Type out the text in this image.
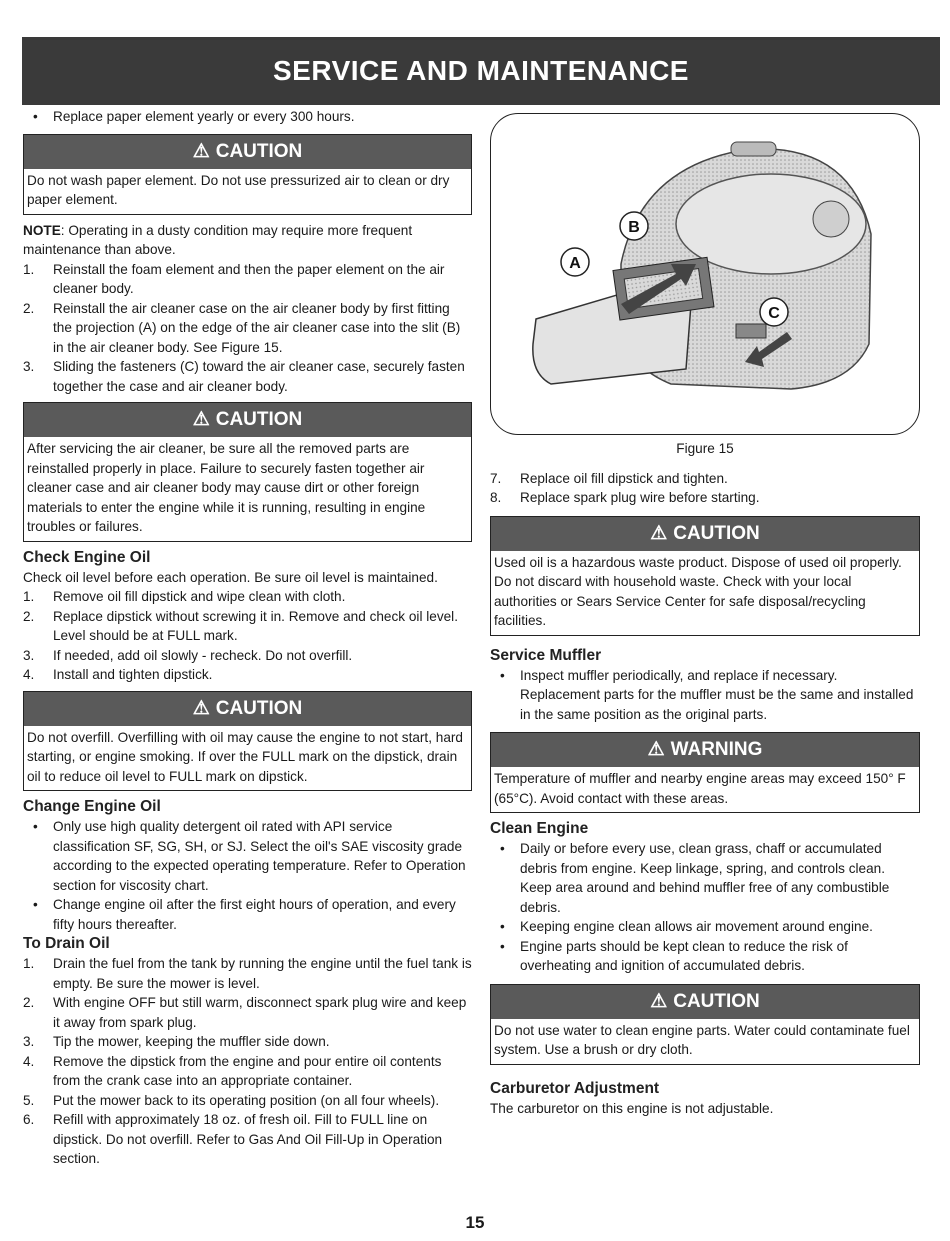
SERVICE AND MAINTENANCE
•	Replace paper element yearly or every 300 hours.
⚠ CAUTION
Do not wash paper element. Do not use pressurized air to clean or dry paper element.

NOTE: Operating in a dusty condition may require more frequent maintenance than above.

1.	Reinstall the foam element and then the paper element on the air cleaner body.
2.	Reinstall the air cleaner case on the air cleaner body by first fitting the projection (A) on the edge of the air cleaner case into the slit (B) in the air cleaner body. See Figure 15.
3.	Sliding the fasteners (C) toward the air cleaner case, securely fasten together the case and air cleaner body.
⚠ CAUTION
After servicing the air cleaner, be sure all the removed parts are reinstalled properly in place. Failure to securely fasten together air cleaner case and air cleaner body may cause dirt or other foreign materials to enter the engine while it is running, resulting in engine troubles or failures.
Check Engine Oil

Check oil level before each operation. Be sure oil level is maintained.

1.	Remove oil fill dipstick and wipe clean with cloth.
2.	Replace dipstick without screwing it in. Remove and check oil level. Level should be at FULL mark.
3.	If needed, add oil slowly - recheck. Do not overfill.
4.	Install and tighten dipstick.
⚠ CAUTION
Do not overfill. Overfilling with oil may cause the engine to not start, hard starting, or engine smoking. If over the FULL mark on the dipstick, drain oil to reduce oil level to FULL mark on dipstick.
Change Engine Oil
•	Only use high quality detergent oil rated with API service classification SF, SG, SH, or SJ. Select the oil's SAE viscosity grade according to the expected operating temperature. Refer to Operation section for viscosity chart.
•	Change engine oil after the first eight hours of operation, and every fifty hours thereafter.
To Drain Oil
1.	Drain the fuel from the tank by running the engine until the fuel tank is empty. Be sure the mower is level.
2.	With engine OFF but still warm, disconnect spark plug wire and keep it away from spark plug.
3.	Tip the mower, keeping the muffler side down.
4.	Remove the dipstick from the engine and pour entire oil contents from the crank case into an appropriate container.
5.	Put the mower back to its operating position (on all four wheels).
6.	Refill with approximately 18 oz. of fresh oil. Fill to FULL line on dipstick. Do not overfill. Refer to Gas And Oil Fill-Up in Operation section.
B
A
C
Figure 15
7.	Replace oil fill dipstick and tighten.
8.	Replace spark plug wire before starting.
⚠ CAUTION
Used oil is a hazardous waste product. Dispose of used oil properly. Do not discard with household waste. Check with your local authorities or Sears Service Center for safe disposal/recycling facilities.
Service Muffler
•	Inspect muffler periodically, and replace if necessary. Replacement parts for the muffler must be the same and installed in the same position as the original parts.
⚠ WARNING
Temperature of muffler and nearby engine areas may exceed 150° F (65°C). Avoid contact with these areas.
Clean Engine
•	Daily or before every use, clean grass, chaff or accumulated debris from engine. Keep linkage, spring, and controls clean. Keep area around and behind muffler free of any combustible debris.
•	Keeping engine clean allows air movement around engine.
•	Engine parts should be kept clean to reduce the risk of overheating and ignition of accumulated debris.
⚠ CAUTION
Do not use water to clean engine parts. Water could contaminate fuel system. Use a brush or dry cloth.
Carburetor Adjustment

The carburetor on this engine is not adjustable.

15
